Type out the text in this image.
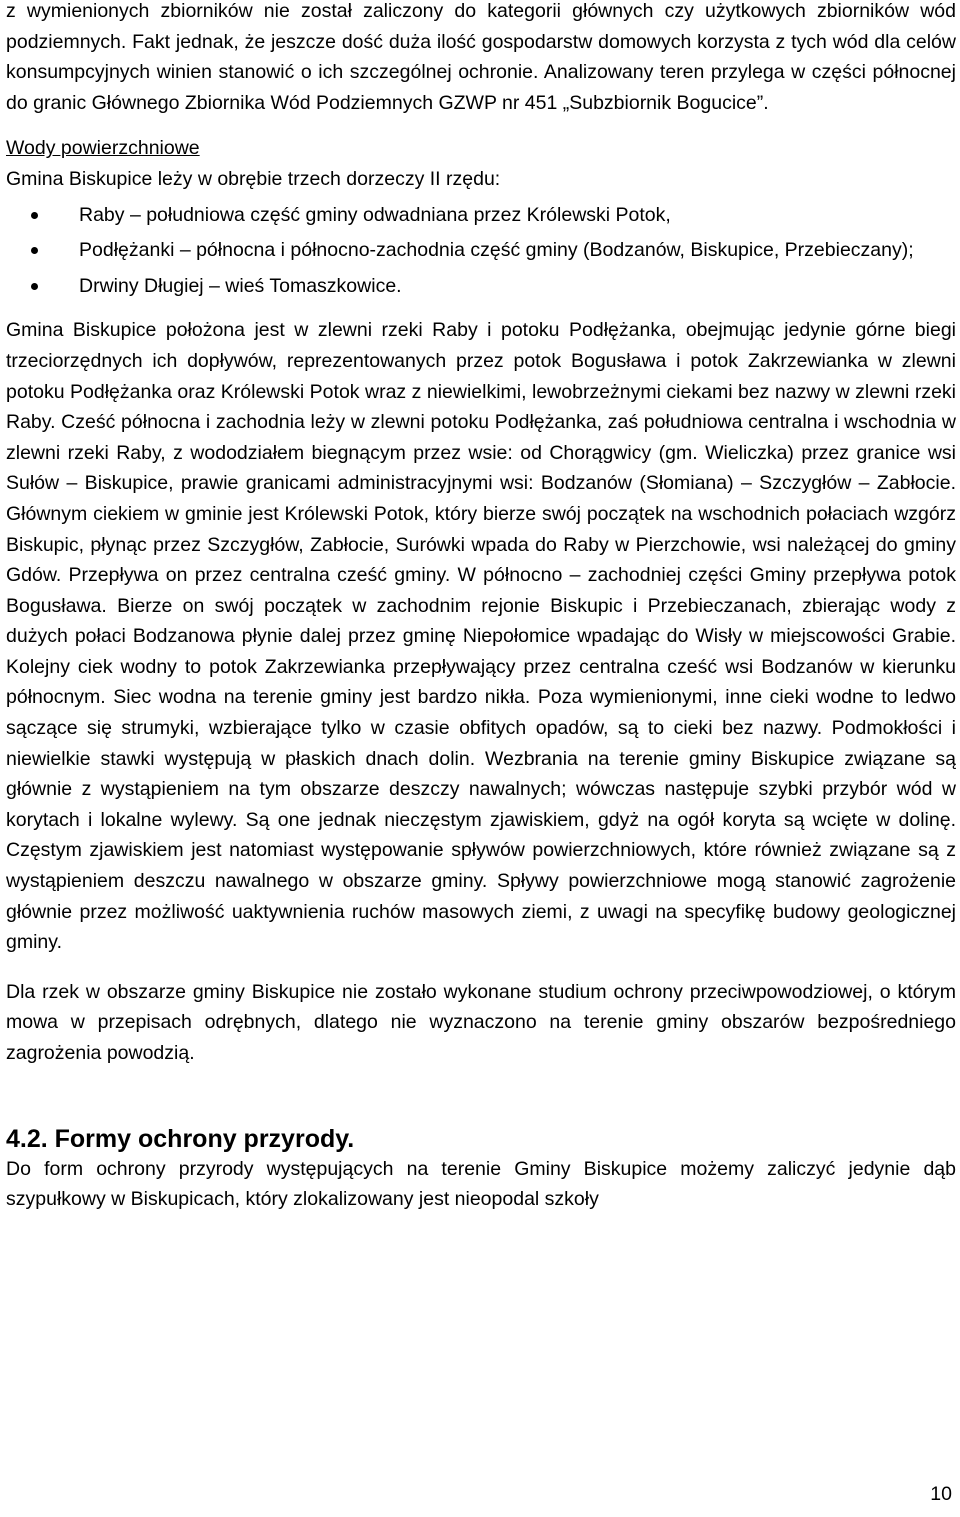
z wymienionych zbiorników nie został zaliczony do kategorii głównych czy użytkowych zbiorników wód podziemnych. Fakt jednak, że jeszcze dość duża ilość gospodarstw domowych korzysta z tych wód dla celów konsumpcyjnych winien stanowić o ich szczególnej ochronie. Analizowany teren przylega w części północnej do granic Głównego Zbiornika Wód Podziemnych GZWP nr 451 „Subzbiornik Bogucice”.

Wody powierzchniowe

Gmina Biskupice leży w obrębie trzech dorzeczy II rzędu:

Raby – południowa część gminy odwadniana przez Królewski Potok,
Podłężanki – północna i północno-zachodnia część gminy (Bodzanów, Biskupice, Przebieczany);
Drwiny Długiej – wieś Tomaszkowice.

Gmina Biskupice położona jest w zlewni rzeki Raby i potoku Podłężanka, obejmując jedynie górne biegi trzeciorzędnych ich dopływów, reprezentowanych przez potok Bogusława i potok Zakrzewianka w zlewni potoku Podłężanka oraz Królewski Potok wraz z niewielkimi, lewobrzeżnymi ciekami bez nazwy w zlewni rzeki Raby. Cześć północna i zachodnia leży w zlewni potoku Podłężanka, zaś południowa centralna i wschodnia w zlewni rzeki Raby, z wododziałem biegnącym przez wsie: od Chorągwicy (gm. Wieliczka) przez granice wsi Sułów – Biskupice, prawie granicami administracyjnymi wsi: Bodzanów (Słomiana) – Szczygłów – Zabłocie. Głównym ciekiem w gminie jest Królewski Potok, który bierze swój początek na wschodnich połaciach wzgórz Biskupic, płynąc przez Szczygłów, Zabłocie, Surówki wpada do Raby w Pierzchowie, wsi należącej do gminy Gdów. Przepływa on przez centralna cześć gminy. W północno – zachodniej części Gminy przepływa potok Bogusława. Bierze on swój początek w zachodnim rejonie Biskupic i Przebieczanach, zbierając wody z dużych połaci Bodzanowa płynie dalej przez gminę Niepołomice wpadając do Wisły w miejscowości Grabie. Kolejny ciek wodny to potok Zakrzewianka przepływający przez centralna cześć wsi Bodzanów w kierunku północnym. Siec wodna na terenie gminy jest bardzo nikła. Poza wymienionymi, inne cieki wodne to ledwo sączące się strumyki, wzbierające tylko w czasie obfitych opadów, są to cieki bez nazwy. Podmokłości i niewielkie stawki występują w płaskich dnach dolin. Wezbrania na terenie gminy Biskupice związane są głównie z wystąpieniem na tym obszarze deszczy nawalnych; wówczas następuje szybki przybór wód w korytach i lokalne wylewy. Są one jednak nieczęstym zjawiskiem, gdyż na ogół koryta są wcięte w dolinę. Częstym zjawiskiem jest natomiast występowanie spływów powierzchniowych, które również związane są z wystąpieniem deszczu nawalnego w obszarze gminy. Spływy powierzchniowe mogą stanowić zagrożenie głównie przez możliwość uaktywnienia ruchów masowych ziemi, z uwagi na specyfikę budowy geologicznej gminy.

Dla rzek w obszarze gminy Biskupice nie zostało wykonane studium ochrony przeciwpowodziowej, o którym mowa w przepisach odrębnych, dlatego nie wyznaczono na terenie gminy obszarów bezpośredniego zagrożenia powodzią.

4.2. Formy ochrony przyrody.

Do form ochrony przyrody występujących na terenie Gminy Biskupice możemy zaliczyć jedynie dąb szypułkowy w Biskupicach, który zlokalizowany jest nieopodal szkoły

10
